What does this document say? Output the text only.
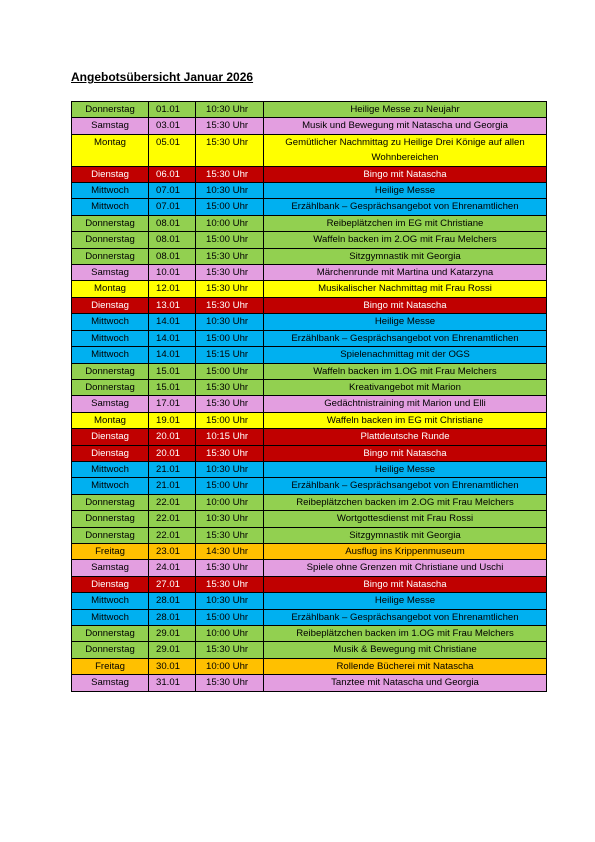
Angebotsübersicht Januar 2026
Donnerstag	01.01	10:30 Uhr	Heilige Messe zu Neujahr
Samstag	03.01	15:30 Uhr	Musik und Bewegung mit Natascha und Georgia
Montag	05.01	15:30 Uhr	Gemütlicher Nachmittag zu Heilige Drei Könige auf allen Wohnbereichen
Dienstag	06.01	15:30 Uhr	Bingo mit Natascha
Mittwoch	07.01	10:30 Uhr	Heilige Messe
Mittwoch	07.01	15:00 Uhr	Erzählbank – Gesprächsangebot von Ehrenamtlichen
Donnerstag	08.01	10:00 Uhr	Reibeplätzchen im EG mit Christiane
Donnerstag	08.01	15:00 Uhr	Waffeln backen im 2.OG mit Frau Melchers
Donnerstag	08.01	15:30 Uhr	Sitzgymnastik mit Georgia
Samstag	10.01	15:30 Uhr	Märchenrunde mit Martina und Katarzyna
Montag	12.01	15:30 Uhr	Musikalischer Nachmittag mit Frau Rossi
Dienstag	13.01	15:30 Uhr	Bingo mit Natascha
Mittwoch	14.01	10:30 Uhr	Heilige Messe
Mittwoch	14.01	15:00 Uhr	Erzählbank – Gesprächsangebot von Ehrenamtlichen
Mittwoch	14.01	15:15 Uhr	Spielenachmittag mit der OGS
Donnerstag	15.01	15:00 Uhr	Waffeln backen im 1.OG mit Frau Melchers
Donnerstag	15.01	15:30 Uhr	Kreativangebot mit Marion
Samstag	17.01	15:30 Uhr	Gedächtnistraining mit Marion und Elli
Montag	19.01	15:00 Uhr	Waffeln backen im EG mit Christiane
Dienstag	20.01	10:15 Uhr	Plattdeutsche Runde
Dienstag	20.01	15:30 Uhr	Bingo mit Natascha
Mittwoch	21.01	10:30 Uhr	Heilige Messe
Mittwoch	21.01	15:00 Uhr	Erzählbank – Gesprächsangebot von Ehrenamtlichen
Donnerstag	22.01	10:00 Uhr	Reibeplätzchen backen im 2.OG mit Frau Melchers
Donnerstag	22.01	10:30 Uhr	Wortgottesdienst mit Frau Rossi
Donnerstag	22.01	15:30 Uhr	Sitzgymnastik mit Georgia
Freitag	23.01	14:30 Uhr	Ausflug ins Krippenmuseum
Samstag	24.01	15:30 Uhr	Spiele ohne Grenzen mit Christiane und Uschi
Dienstag	27.01	15:30 Uhr	Bingo mit Natascha
Mittwoch	28.01	10:30 Uhr	Heilige Messe
Mittwoch	28.01	15:00 Uhr	Erzählbank – Gesprächsangebot von Ehrenamtlichen
Donnerstag	29.01	10:00 Uhr	Reibeplätzchen backen im 1.OG mit Frau Melchers
Donnerstag	29.01	15:30 Uhr	Musik & Bewegung mit Christiane
Freitag	30.01	10:00 Uhr	Rollende Bücherei mit Natascha
Samstag	31.01	15:30 Uhr	Tanztee mit Natascha und Georgia
